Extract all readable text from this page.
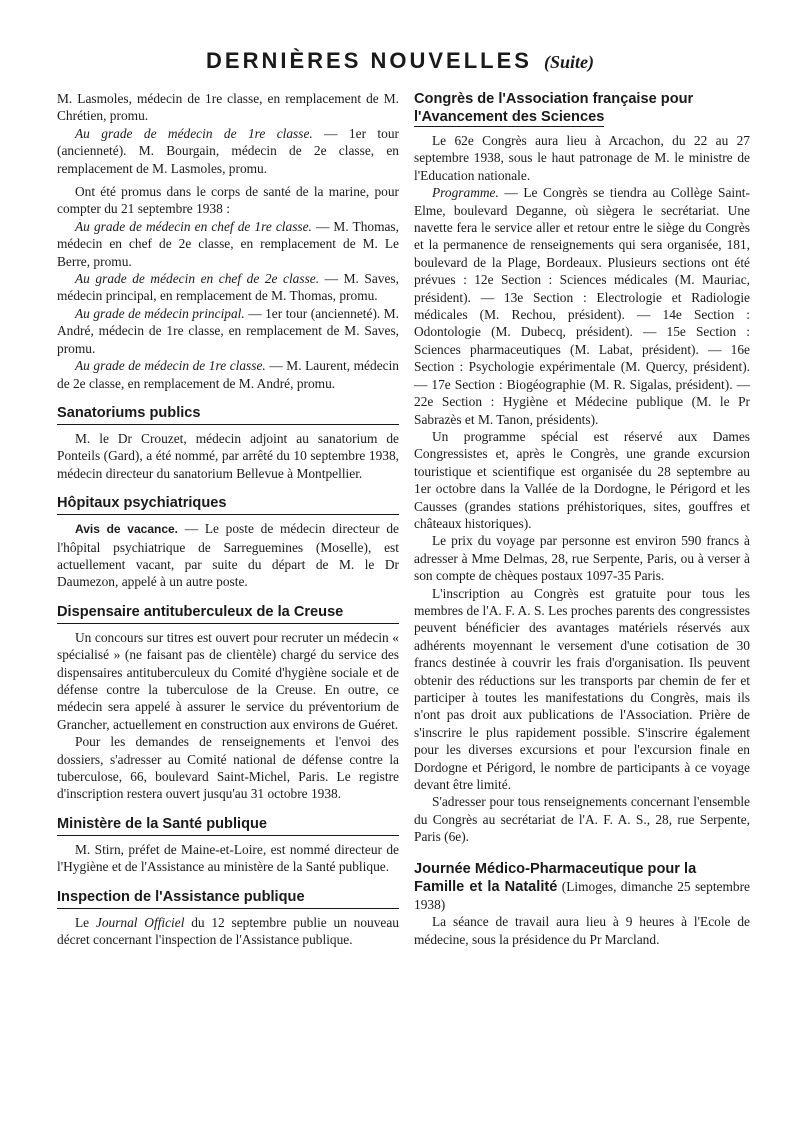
DERNIÈRES NOUVELLES (Suite)

M. Lasmoles, médecin de 1re classe, en remplacement de M. Chrétien, promu.

Au grade de médecin de 1re classe. — 1er tour (ancienneté). M. Bourgain, médecin de 2e classe, en remplacement de M. Lasmoles, promu.

Ont été promus dans le corps de santé de la marine, pour compter du 21 septembre 1938 :

Au grade de médecin en chef de 1re classe. — M. Thomas, médecin en chef de 2e classe, en remplacement de M. Le Berre, promu.

Au grade de médecin en chef de 2e classe. — M. Saves, médecin principal, en remplacement de M. Thomas, promu.

Au grade de médecin principal. — 1er tour (ancienneté). M. André, médecin de 1re classe, en remplacement de M. Saves, promu.

Au grade de médecin de 1re classe. — M. Laurent, médecin de 2e classe, en remplacement de M. André, promu.

Sanatoriums publics

M. le Dr Crouzet, médecin adjoint au sanatorium de Ponteils (Gard), a été nommé, par arrêté du 10 septembre 1938, médecin directeur du sanatorium Bellevue à Montpellier.

Hôpitaux psychiatriques

Avis de vacance. — Le poste de médecin directeur de l'hôpital psychiatrique de Sarreguemines (Moselle), est actuellement vacant, par suite du départ de M. le Dr Daumezon, appelé à un autre poste.

Dispensaire antituberculeux de la Creuse

Un concours sur titres est ouvert pour recruter un médecin « spécialisé » (ne faisant pas de clientèle) chargé du service des dispensaires antituberculeux du Comité d'hygiène sociale et de défense contre la tuberculose de la Creuse. En outre, ce médecin sera appelé à assurer le service du préventorium de Grancher, actuellement en construction aux environs de Guéret.

Pour les demandes de renseignements et l'envoi des dossiers, s'adresser au Comité national de défense contre la tuberculose, 66, boulevard Saint-Michel, Paris. Le registre d'inscription restera ouvert jusqu'au 31 octobre 1938.

Ministère de la Santé publique

M. Stirn, préfet de Maine-et-Loire, est nommé directeur de l'Hygiène et de l'Assistance au ministère de la Santé publique.

Inspection de l'Assistance publique

Le Journal Officiel du 12 septembre publie un nouveau décret concernant l'inspection de l'Assistance publique.

Congrès de l'Association française pour
l'Avancement des Sciences

Le 62e Congrès aura lieu à Arcachon, du 22 au 27 septembre 1938, sous le haut patronage de M. le ministre de l'Education nationale.

Programme. — Le Congrès se tiendra au Collège Saint-Elme, boulevard Deganne, où siègera le secrétariat. Une navette fera le service aller et retour entre le siège du Congrès et la permanence de renseignements qui sera organisée, 181, boulevard de la Plage, Bordeaux. Plusieurs sections ont été prévues : 12e Section : Sciences médicales (M. Mauriac, président). — 13e Section : Electrologie et Radiologie médicales (M. Rechou, président). — 14e Section : Odontologie (M. Dubecq, président). — 15e Section : Sciences pharmaceutiques (M. Labat, président). — 16e Section : Psychologie expérimentale (M. Quercy, président). — 17e Section : Biogéographie (M. R. Sigalas, président). — 22e Section : Hygiène et Médecine publique (M. le Pr Sabrazès et M. Tanon, présidents).

Un programme spécial est réservé aux Dames Congressistes et, après le Congrès, une grande excursion touristique et scientifique est organisée du 28 septembre au 1er octobre dans la Vallée de la Dordogne, le Périgord et les Causses (grandes stations préhistoriques, sites, gouffres et châteaux historiques).

Le prix du voyage par personne est environ 590 francs à adresser à Mme Delmas, 28, rue Serpente, Paris, ou à verser à son compte de chèques postaux 1097-35 Paris.

L'inscription au Congrès est gratuite pour tous les membres de l'A. F. A. S. Les proches parents des congressistes peuvent bénéficier des avantages matériels réservés aux adhérents moyennant le versement d'une cotisation de 30 francs destinée à couvrir les frais d'organisation. Ils peuvent obtenir des réductions sur les transports par chemin de fer et participer à toutes les manifestations du Congrès, mais ils n'ont pas droit aux publications de l'Association. Prière de s'inscrire le plus rapidement possible. S'inscrire également pour les diverses excursions et pour l'excursion finale en Dordogne et Périgord, le nombre de participants à ce voyage devant être limité.

S'adresser pour tous renseignements concernant l'ensemble du Congrès au secrétariat de l'A. F. A. S., 28, rue Serpente, Paris (6e).

Journée Médico-Pharmaceutique pour la

Famille et la Natalité (Limoges, dimanche 25 septembre 1938)

La séance de travail aura lieu à 9 heures à l'Ecole de médecine, sous la présidence du Pr Marcland.
